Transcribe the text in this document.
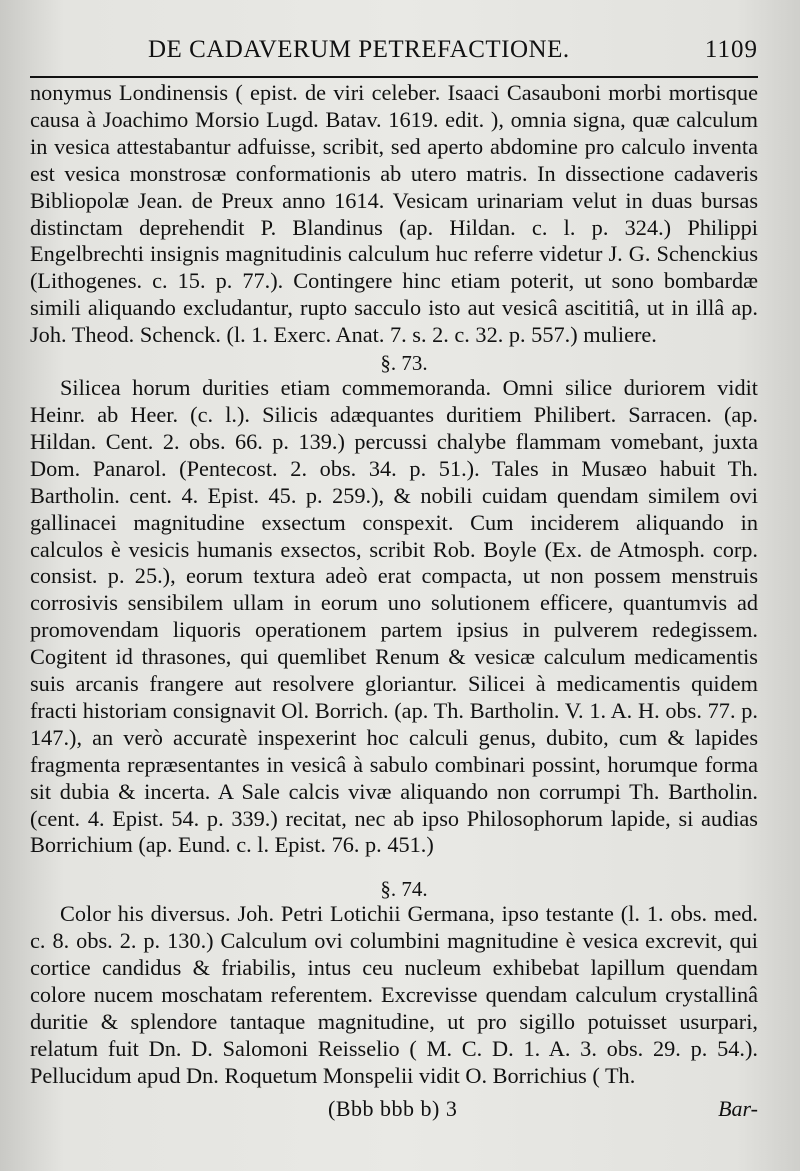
DE CADAVERUM PETREFACTIONE.	1109

nonymus Londinensis ( epist. de viri celeber. Isaaci Casauboni morbi mortisque causa à Joachimo Morsio Lugd. Batav. 1619. edit. ), omnia signa, quæ calculum in vesica attestabantur adfuisse, scribit, sed aperto abdomine pro calculo inventa est vesica monstrosæ conformationis ab utero matris. In dissectione cadaveris Bibliopolæ Jean. de Preux anno 1614. Vesicam urinariam velut in duas bursas distinctam deprehendit P. Blandinus (ap. Hildan. c. l. p. 324.) Philippi Engelbrechti insignis magnitudinis calculum huc referre videtur J. G. Schenckius (Lithogenes. c. 15. p. 77.). Contingere hinc etiam poterit, ut sono bombardæ simili aliquando excludantur, rupto sacculo isto aut vesicâ ascititiâ, ut in illâ ap. Joh. Theod. Schenck. (l. 1. Exerc. Anat. 7. s. 2. c. 32. p. 557.) muliere.

§. 73.

Silicea horum durities etiam commemoranda. Omni silice duriorem vidit Heinr. ab Heer. (c. l.). Silicis adæquantes duritiem Philibert. Sarracen. (ap. Hildan. Cent. 2. obs. 66. p. 139.) percussi chalybe flammam vomebant, juxta Dom. Panarol. (Pentecost. 2. obs. 34. p. 51.). Tales in Musæo habuit Th. Bartholin. cent. 4. Epist. 45. p. 259.), & nobili cuidam quendam similem ovi gallinacei magnitudine exsectum conspexit. Cum inciderem aliquando in calculos è vesicis humanis exsectos, scribit Rob. Boyle (Ex. de Atmosph. corp. consist. p. 25.), eorum textura adeò erat compacta, ut non possem menstruis corrosivis sensibilem ullam in eorum uno solutionem efficere, quantumvis ad promovendam liquoris operationem partem ipsius in pulverem redegissem. Cogitent id thrasones, qui quemlibet Renum & vesicæ calculum medicamentis suis arcanis frangere aut resolvere gloriantur. Silicei à medicamentis quidem fracti historiam consignavit Ol. Borrich. (ap. Th. Bartholin. V. 1. A. H. obs. 77. p. 147.), an verò accuratè inspexerint hoc calculi genus, dubito, cum & lapides fragmenta repræsentantes in vesicâ à sabulo combinari possint, horumque forma sit dubia & incerta. A Sale calcis vivæ aliquando non corrumpi Th. Bartholin. (cent. 4. Epist. 54. p. 339.) recitat, nec ab ipso Philosophorum lapide, si audias Borrichium (ap. Eund. c. l. Epist. 76. p. 451.)

§. 74.

Color his diversus. Joh. Petri Lotichii Germana, ipso testante (l. 1. obs. med. c. 8. obs. 2. p. 130.) Calculum ovi columbini magnitudine è vesica excrevit, qui cortice candidus & friabilis, intus ceu nucleum exhibebat lapillum quendam colore nucem moschatam referentem. Excrevisse quendam calculum crystallinâ duritie & splendore tantaque magnitudine, ut pro sigillo potuisset usurpari, relatum fuit Dn. D. Salomoni Reisselio ( M. C. D. 1. A. 3. obs. 29. p. 54.). Pellucidum apud Dn. Roquetum Monspelii vidit O. Borrichius ( Th.

(Bbb bbb b) 3	Bar-
